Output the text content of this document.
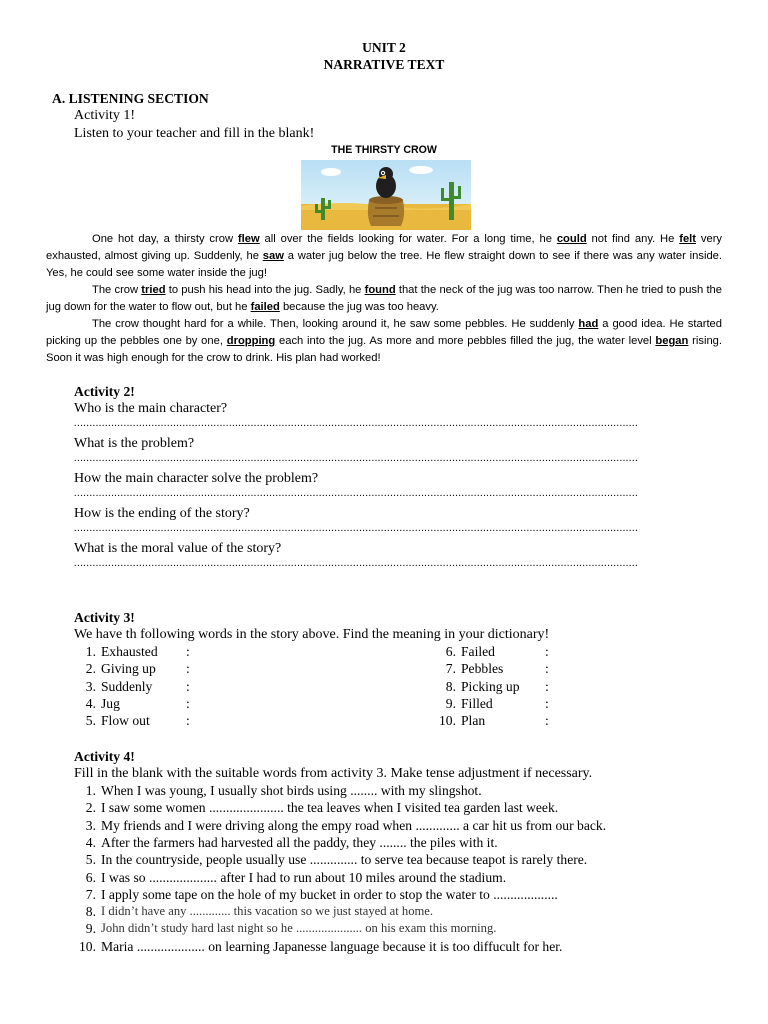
UNIT 2
NARRATIVE TEXT
A. LISTENING SECTION
Activity 1!
Listen to your teacher and fill in the blank!
THE THIRSTY CROW

One hot day, a thirsty crow flew all over the fields looking for water. For a long time, he could not find any. He felt very exhausted, almost giving up. Suddenly, he saw a water jug below the tree. He flew straight down to see if there was any water inside. Yes, he could see some water inside the jug!

The crow tried to push his head into the jug. Sadly, he found that the neck of the jug was too narrow. Then he tried to push the jug down for the water to flow out, but he failed because the jug was too heavy.

The crow thought hard for a while. Then, looking around it, he saw some pebbles. He suddenly had a good idea. He started picking up the pebbles one by one, dropping each into the jug. As more and more pebbles filled the jug, the water level began rising. Soon it was high enough for the crow to drink. His plan had worked!

Activity 2!
Who is the main character?
......................................................................................................................................................................................
What is the problem?
......................................................................................................................................................................................
How the main character solve the problem?
......................................................................................................................................................................................
How is the ending of the story?
......................................................................................................................................................................................
What is the moral value of the story?
......................................................................................................................................................................................
Activity 3!
We have th following words in the story above. Find the meaning in your dictionary!
1. Exhausted :
2. Giving up :
3. Suddenly :
4. Jug	:
5. Flow out	:
6. Failed	:
7. Pebbles	:
8. Picking up :
9. Filled	:
10. Plan	:
Activity 4!
Fill in the blank with the suitable words from activity 3. Make tense adjustment if necessary.
1. When I was young, I usually shot birds using ........ with my slingshot.
2. I saw some women ...................... the tea leaves when I visited tea garden last week.
3. My friends and I were driving along the empy road when ............. a car hit us from our back.
4. After the farmers had harvested all the paddy, they ........ the piles with it.
5. In the countryside, people usually use .............. to serve tea because teapot is rarely there.
6. I was so .................... after I had to run about 10 miles around the stadium.
7. I apply some tape on the hole of my bucket in order to stop the water to ...................
8. I didn’t have any ............. this vacation so we just stayed at home.
9. John didn’t study hard last night so he ..................... on his exam this morning.
10. Maria .................... on learning Japanesse language because it is too diffucult for her.
